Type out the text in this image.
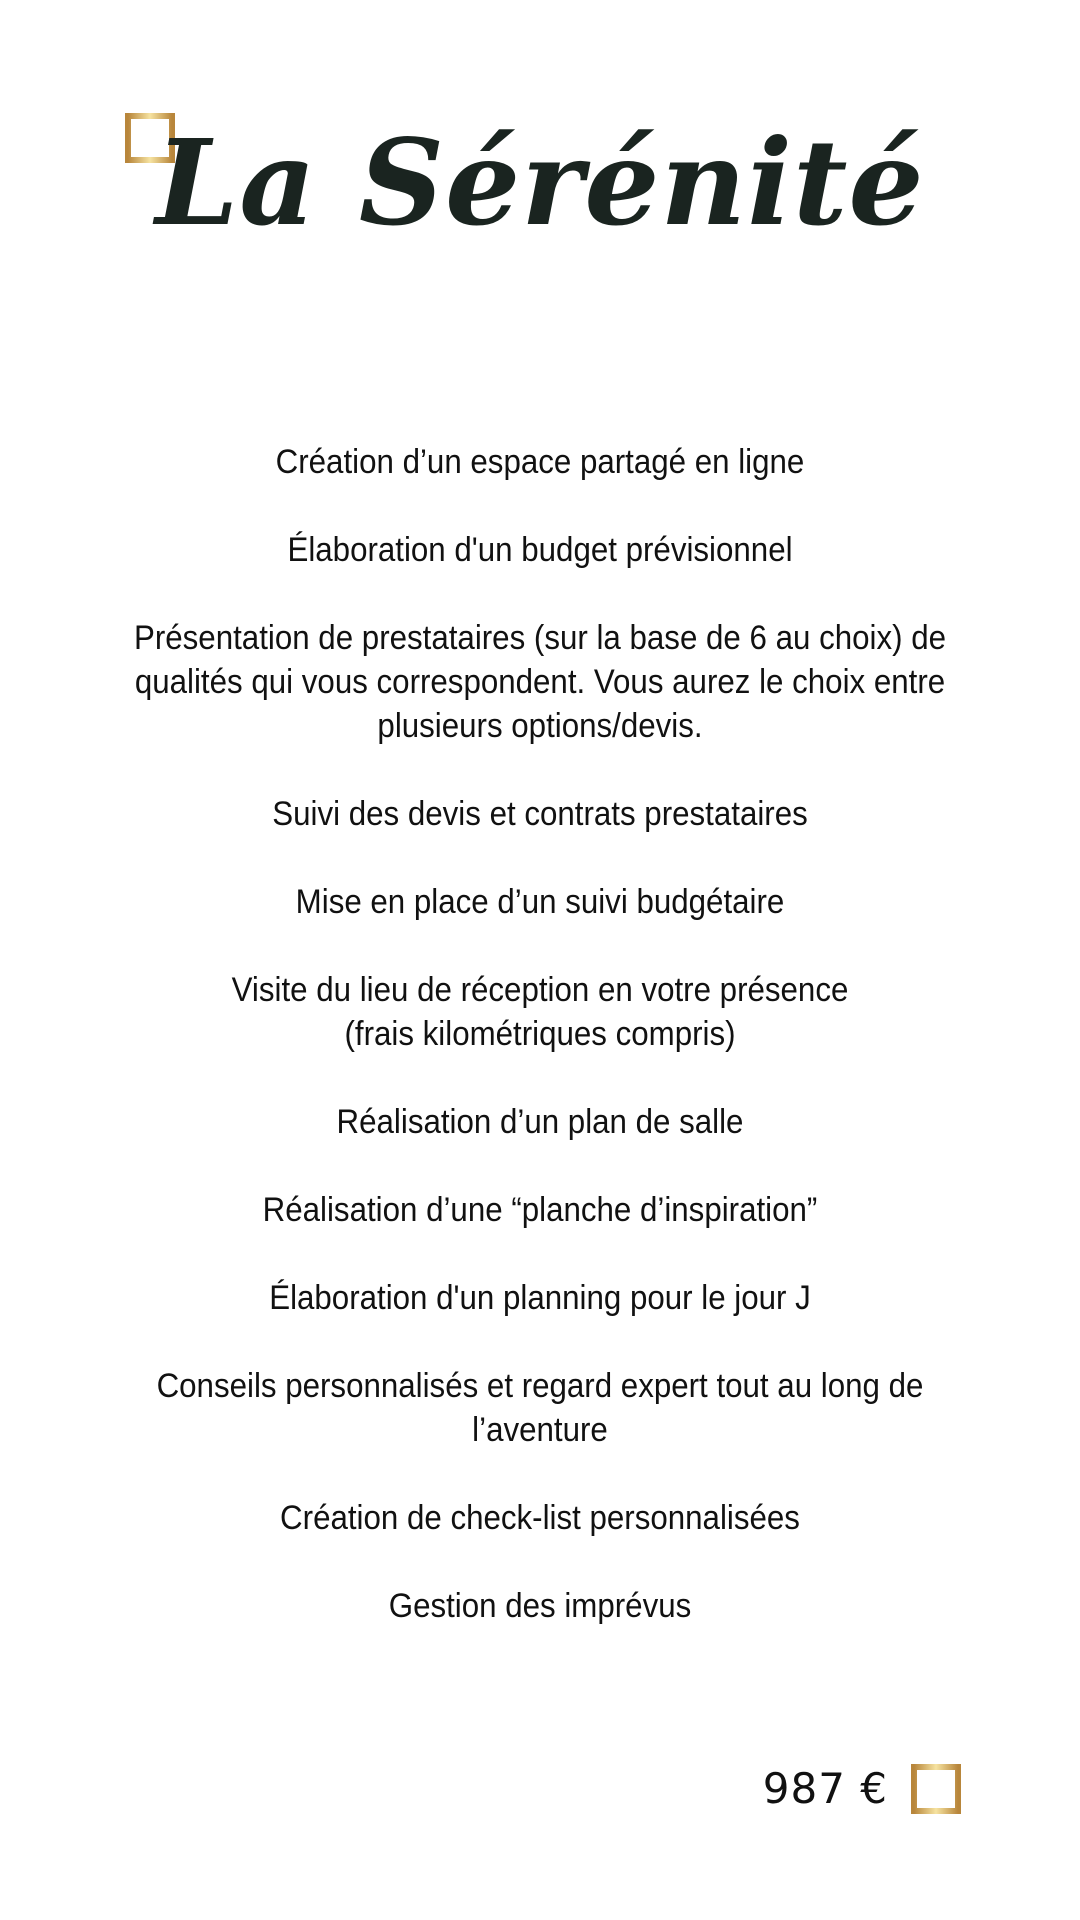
La Sérénité
Création d’un espace partagé en ligne
Élaboration d'un budget prévisionnel
Présentation de prestataires (sur la base de 6 au choix) de
qualités qui vous correspondent. Vous aurez le choix entre
plusieurs options/devis.
Suivi des devis et contrats prestataires
Mise en place d’un suivi budgétaire
Visite du lieu de réception en votre présence
(frais kilométriques compris)
Réalisation d’un plan de salle
Réalisation d’une “planche d’inspiration”
Élaboration d'un planning pour le jour J
Conseils personnalisés et regard expert tout au long de
l’aventure
Création de check-list personnalisées
Gestion des imprévus
987 €
